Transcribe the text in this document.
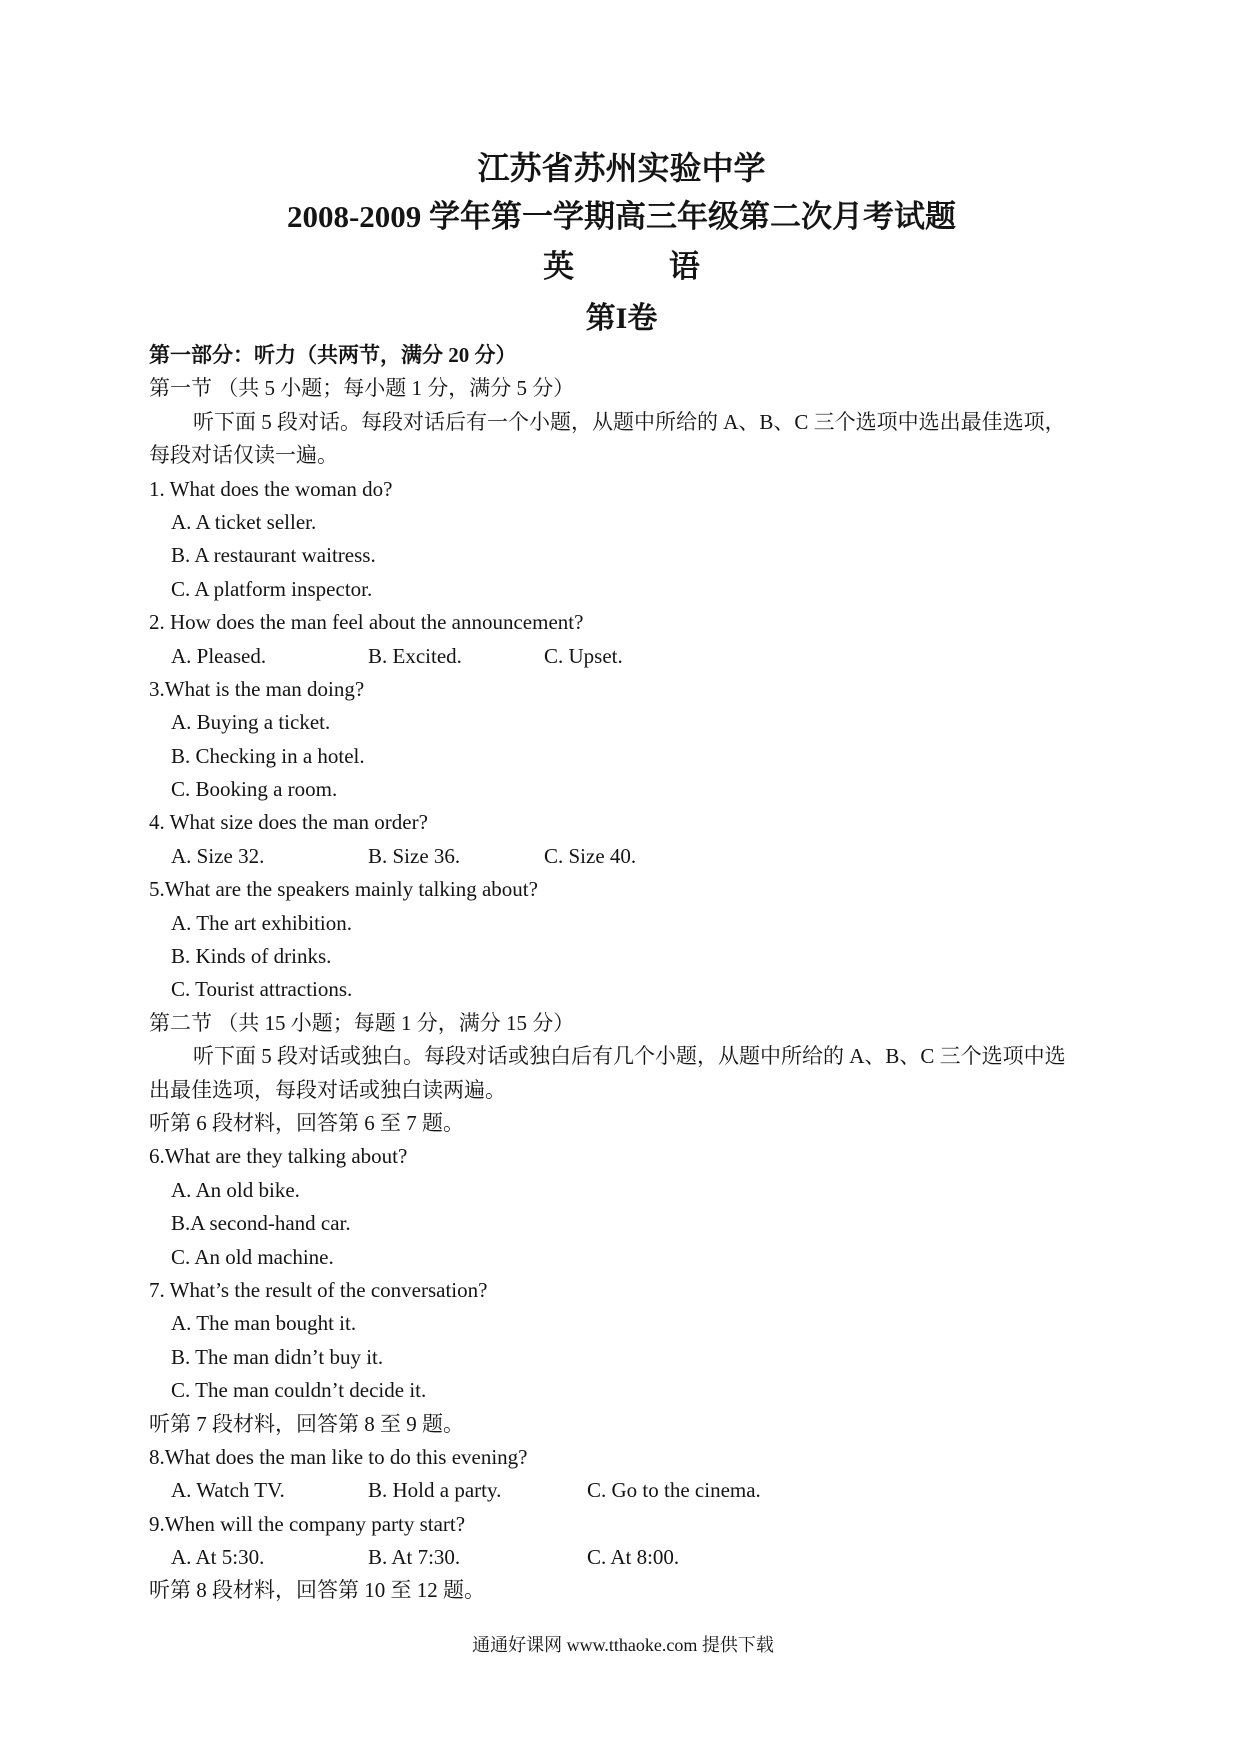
江苏省苏州实验中学
2008-2009 学年第一学期高三年级第二次月考试题
英 语
第I卷
第一部分：听力（共两节，满分 20 分）
第一节 （共 5 小题；每小题 1 分，满分 5 分）
听下面 5 段对话。每段对话后有一个小题，从题中所给的 A、B、C 三个选项中选出最佳选项，
每段对话仅读一遍。
1. What does the woman do?
A. A ticket seller.
B. A restaurant waitress.
C. A platform inspector.
2. How does the man feel about the announcement?
A. Pleased.	B. Excited.	C. Upset.
3.What is the man doing?
A. Buying a ticket.
B. Checking in a hotel.
C. Booking a room.
4. What size does the man order?
A. Size 32.	B. Size 36.	C. Size 40.
5.What are the speakers mainly talking about?
A. The art exhibition.
B. Kinds of drinks.
C. Tourist attractions.
第二节 （共 15 小题；每题 1 分，满分 15 分）
听下面 5 段对话或独白。每段对话或独白后有几个小题，从题中所给的 A、B、C 三个选项中选
出最佳选项，每段对话或独白读两遍。
听第 6 段材料，回答第 6 至 7 题。
6.What are they talking about?
A. An old bike.
B.A second-hand car.
C. An old machine.
7. What’s the result of the conversation?
A. The man bought it.
B. The man didn’t buy it.
C. The man couldn’t decide it.
听第 7 段材料，回答第 8 至 9 题。
8.What does the man like to do this evening?
A. Watch TV.	B. Hold a party.	C. Go to the cinema.
9.When will the company party start?
A. At 5:30.	B. At 7:30.	C. At 8:00.
听第 8 段材料，回答第 10 至 12 题。
通通好课网 www.tthaoke.com 提供下载
